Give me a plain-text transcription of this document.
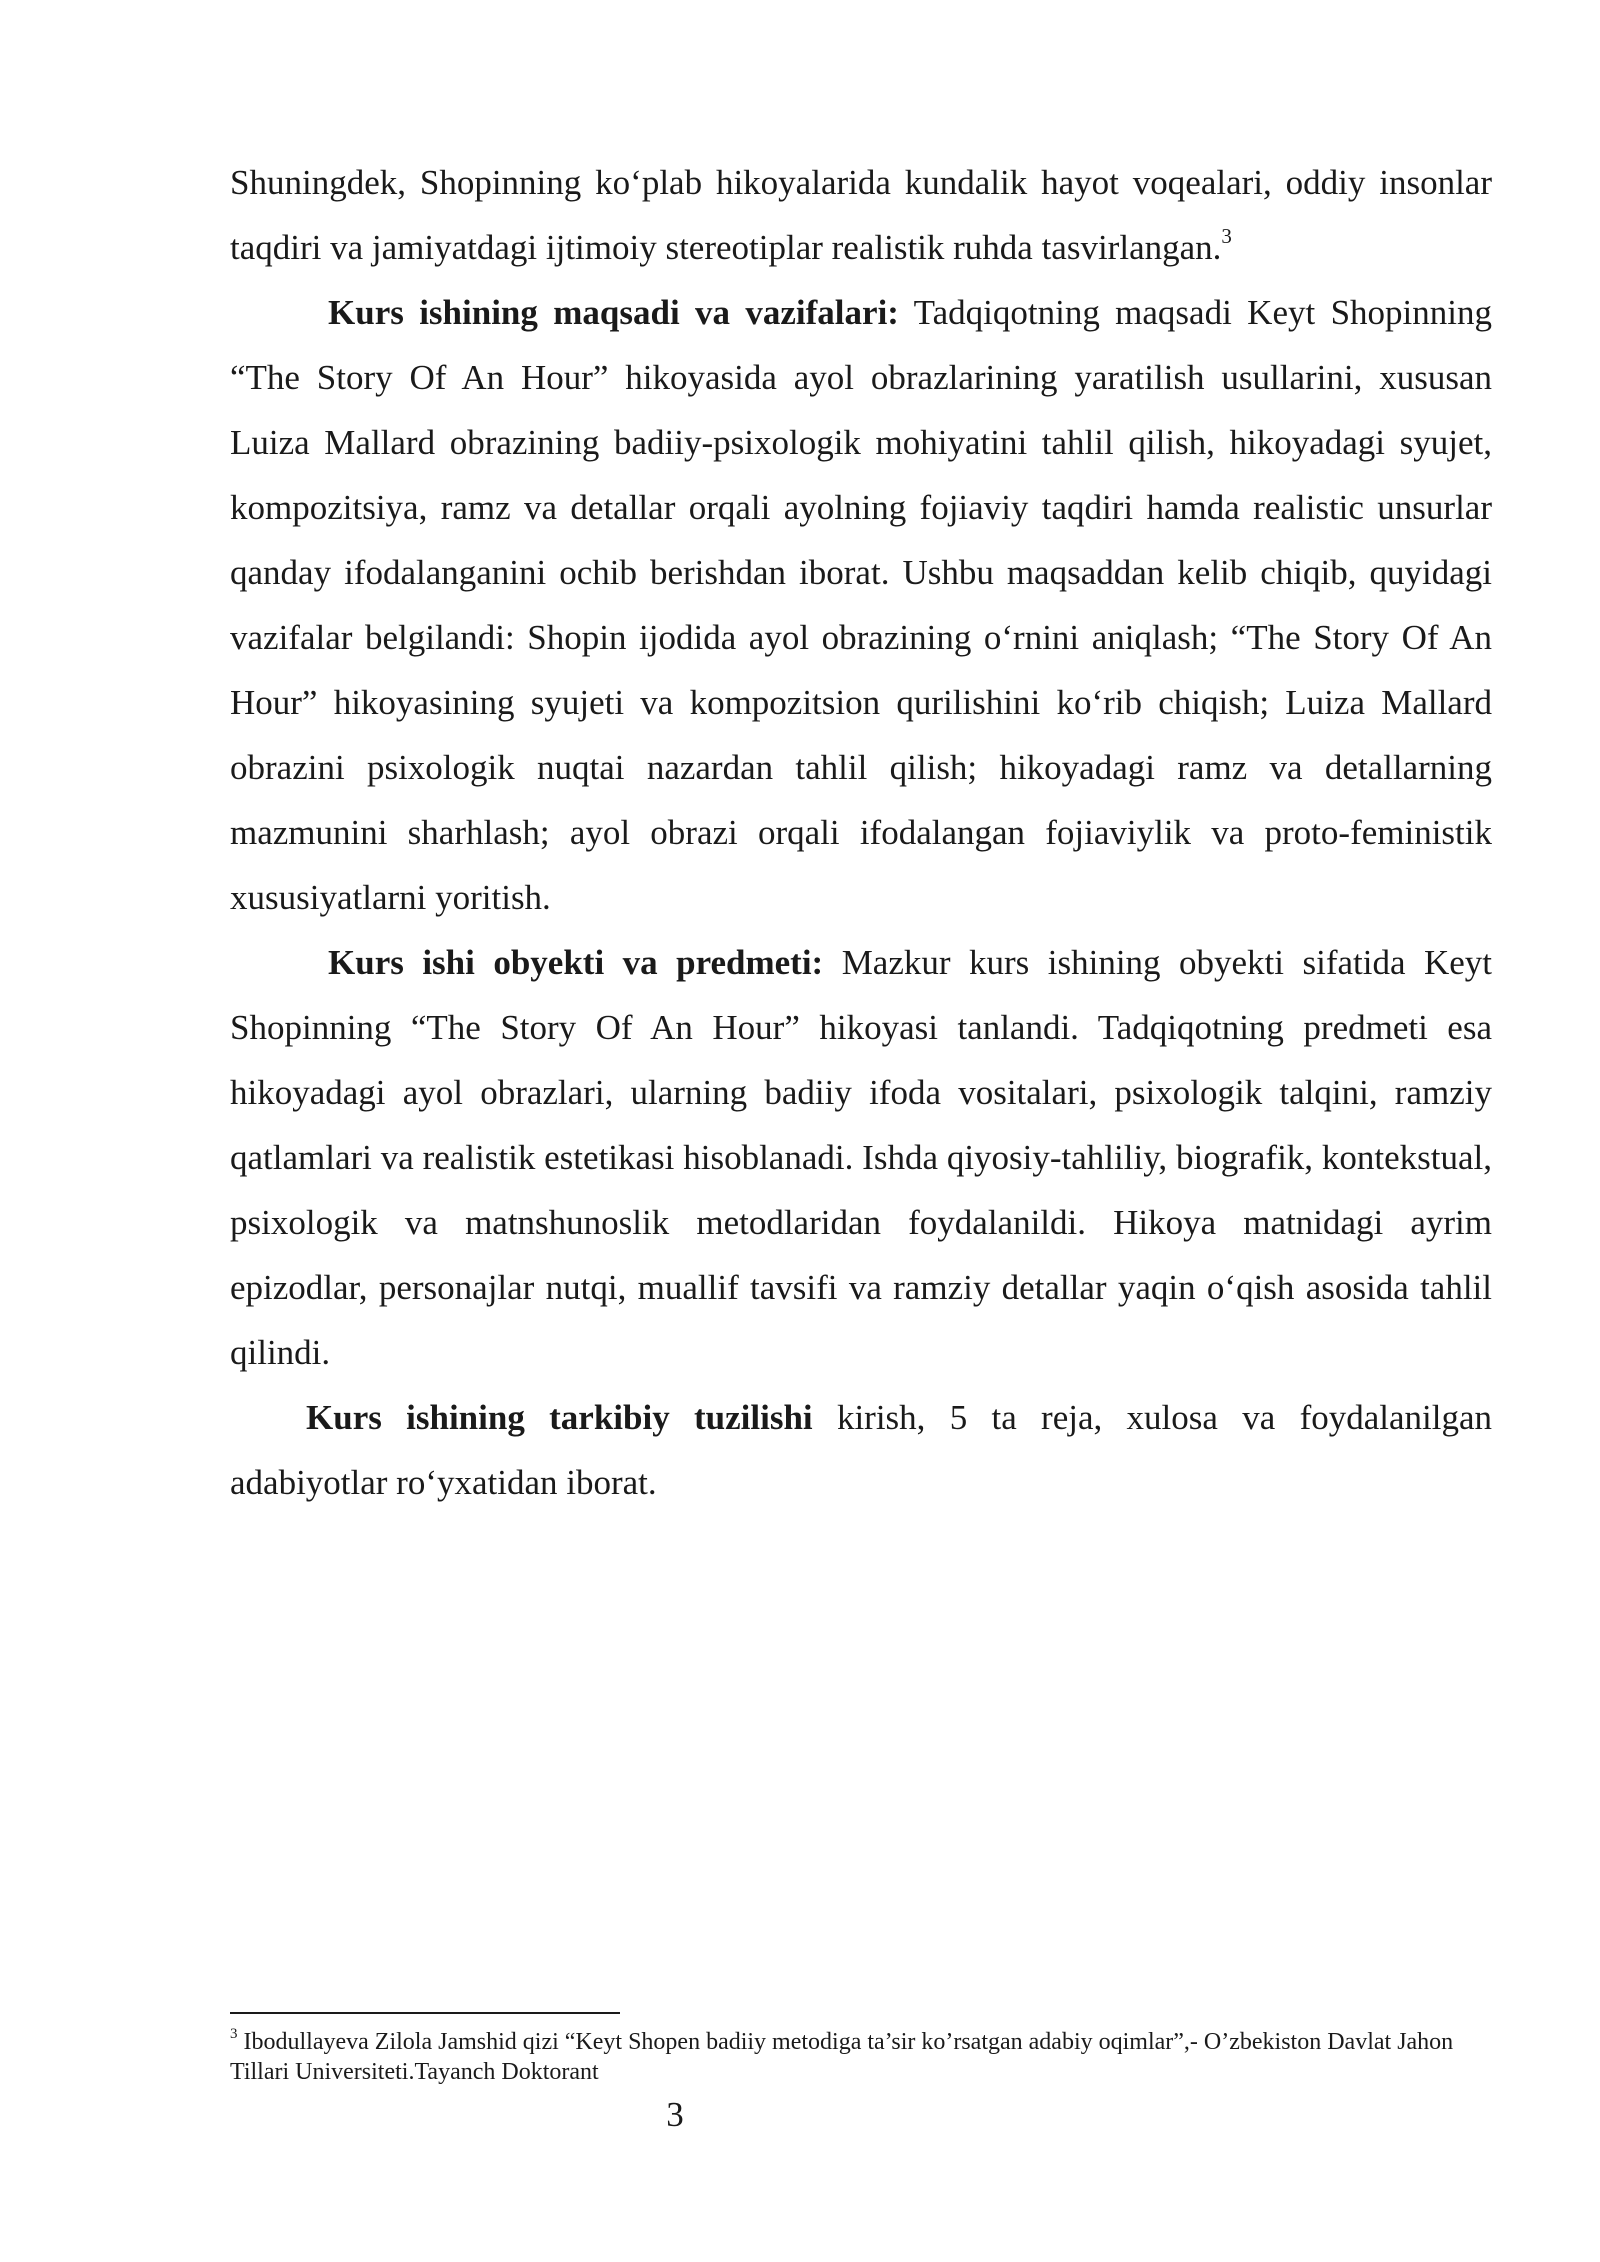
Shuningdek, Shopinning ko‘plab hikoyalarida kundalik hayot voqealari, oddiy insonlar taqdiri va jamiyatdagi ijtimoiy stereotiplar realistik ruhda tasvirlangan.$^3$

Kurs ishining maqsadi va vazifalari: Tadqiqotning maqsadi Keyt Shopinning “The Story Of An Hour” hikoyasida ayol obrazlarining yaratilish usullarini, xususan Luiza Mallard obrazining badiiy-psixologik mohiyatini tahlil qilish, hikoyadagi syujet, kompozitsiya, ramz va detallar orqali ayolning fojiaviy taqdiri hamda realistic unsurlar qanday ifodalanganini ochib berishdan iborat. Ushbu maqsaddan kelib chiqib, quyidagi vazifalar belgilandi: Shopin ijodida ayol obrazining o‘rnini aniqlash; “The Story Of An Hour” hikoyasining syujeti va kompozitsion qurilishini ko‘rib chiqish; Luiza Mallard obrazini psixologik nuqtai nazardan tahlil qilish; hikoyadagi ramz va detallarning mazmunini sharhlash; ayol obrazi orqali ifodalangan fojiaviylik va proto-feministik xususiyatlarni yoritish.

Kurs ishi obyekti va predmeti: Mazkur kurs ishining obyekti sifatida Keyt Shopinning “The Story Of An Hour” hikoyasi tanlandi. Tadqiqotning predmeti esa hikoyadagi ayol obrazlari, ularning badiiy ifoda vositalari, psixologik talqini, ramziy qatlamlari va realistik estetikasi hisoblanadi. Ishda qiyosiy-tahliliy, biografik, kontekstual, psixologik va matnshunoslik metodlaridan foydalanildi. Hikoya matnidagi ayrim epizodlar, personajlar nutqi, muallif tavsifi va ramziy detallar yaqin o‘qish asosida tahlil qilindi.

Kurs ishining tarkibiy tuzilishi kirish, 5 ta reja, xulosa va foydalanilgan adabiyotlar ro‘yxatidan iborat.

$^3$ Ibodullayeva Zilola Jamshid qizi “Keyt Shopen badiiy metodiga ta’sir ko’rsatgan adabiy oqimlar”,- O’zbekiston Davlat Jahon Tillari Universiteti.Tayanch Doktorant

3
